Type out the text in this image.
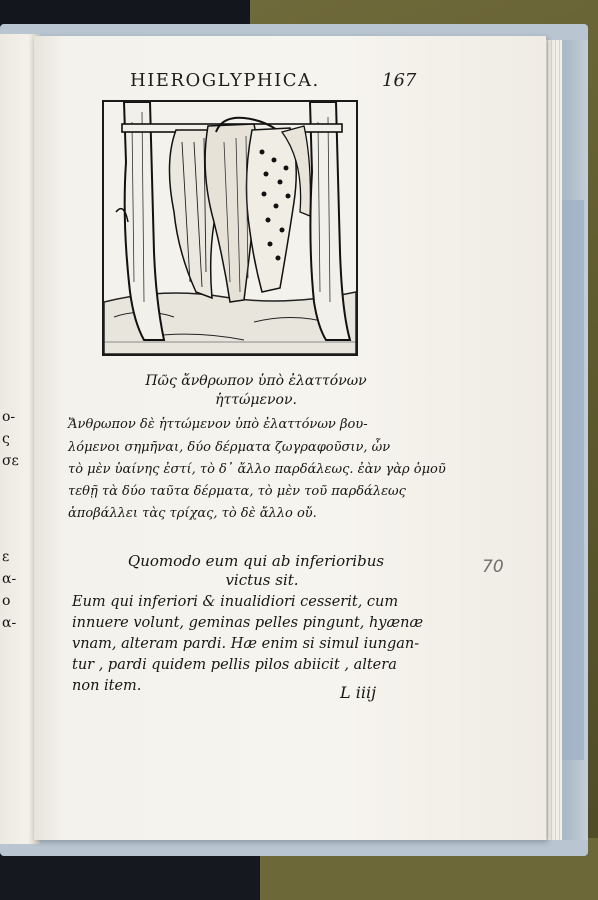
ο-
ς
σε
ε
α-
ο
α-
HIEROGLYPHICA.	167
Πῶς ἄνθρωπον ὑπὸ ἐλαττόνων
ἡττώμενον.
Ἄνθρωπον δὲ ἡττώμενον ὑπὸ ἐλαττόνων βου-
λόμενοι σημῆναι, δύο δέρματα ζωγραφοῦσιν, ὧν
τὸ μὲν ὑαίνης ἐστί, τὸ δ᾽ ἄλλο παρδάλεως. ἐὰν γὰρ ὁμοῦ
τεθῇ τὰ δύο ταῦτα δέρματα, τὸ μὲν τοῦ παρδάλεως
ἀποβάλλει τὰς τρίχας, τὸ δὲ ἄλλο οὔ.
Quomodo eum qui ab inferioribus
victus sit.
Eum qui inferiori & inualidiori cesserit, cum
innuere volunt, geminas pelles pingunt, hyænæ
vnam, alteram pardi. Hæ enim si simul iungan-
tur , pardi quidem pellis pilos abiicit , altera
non item.	L iiij
70
